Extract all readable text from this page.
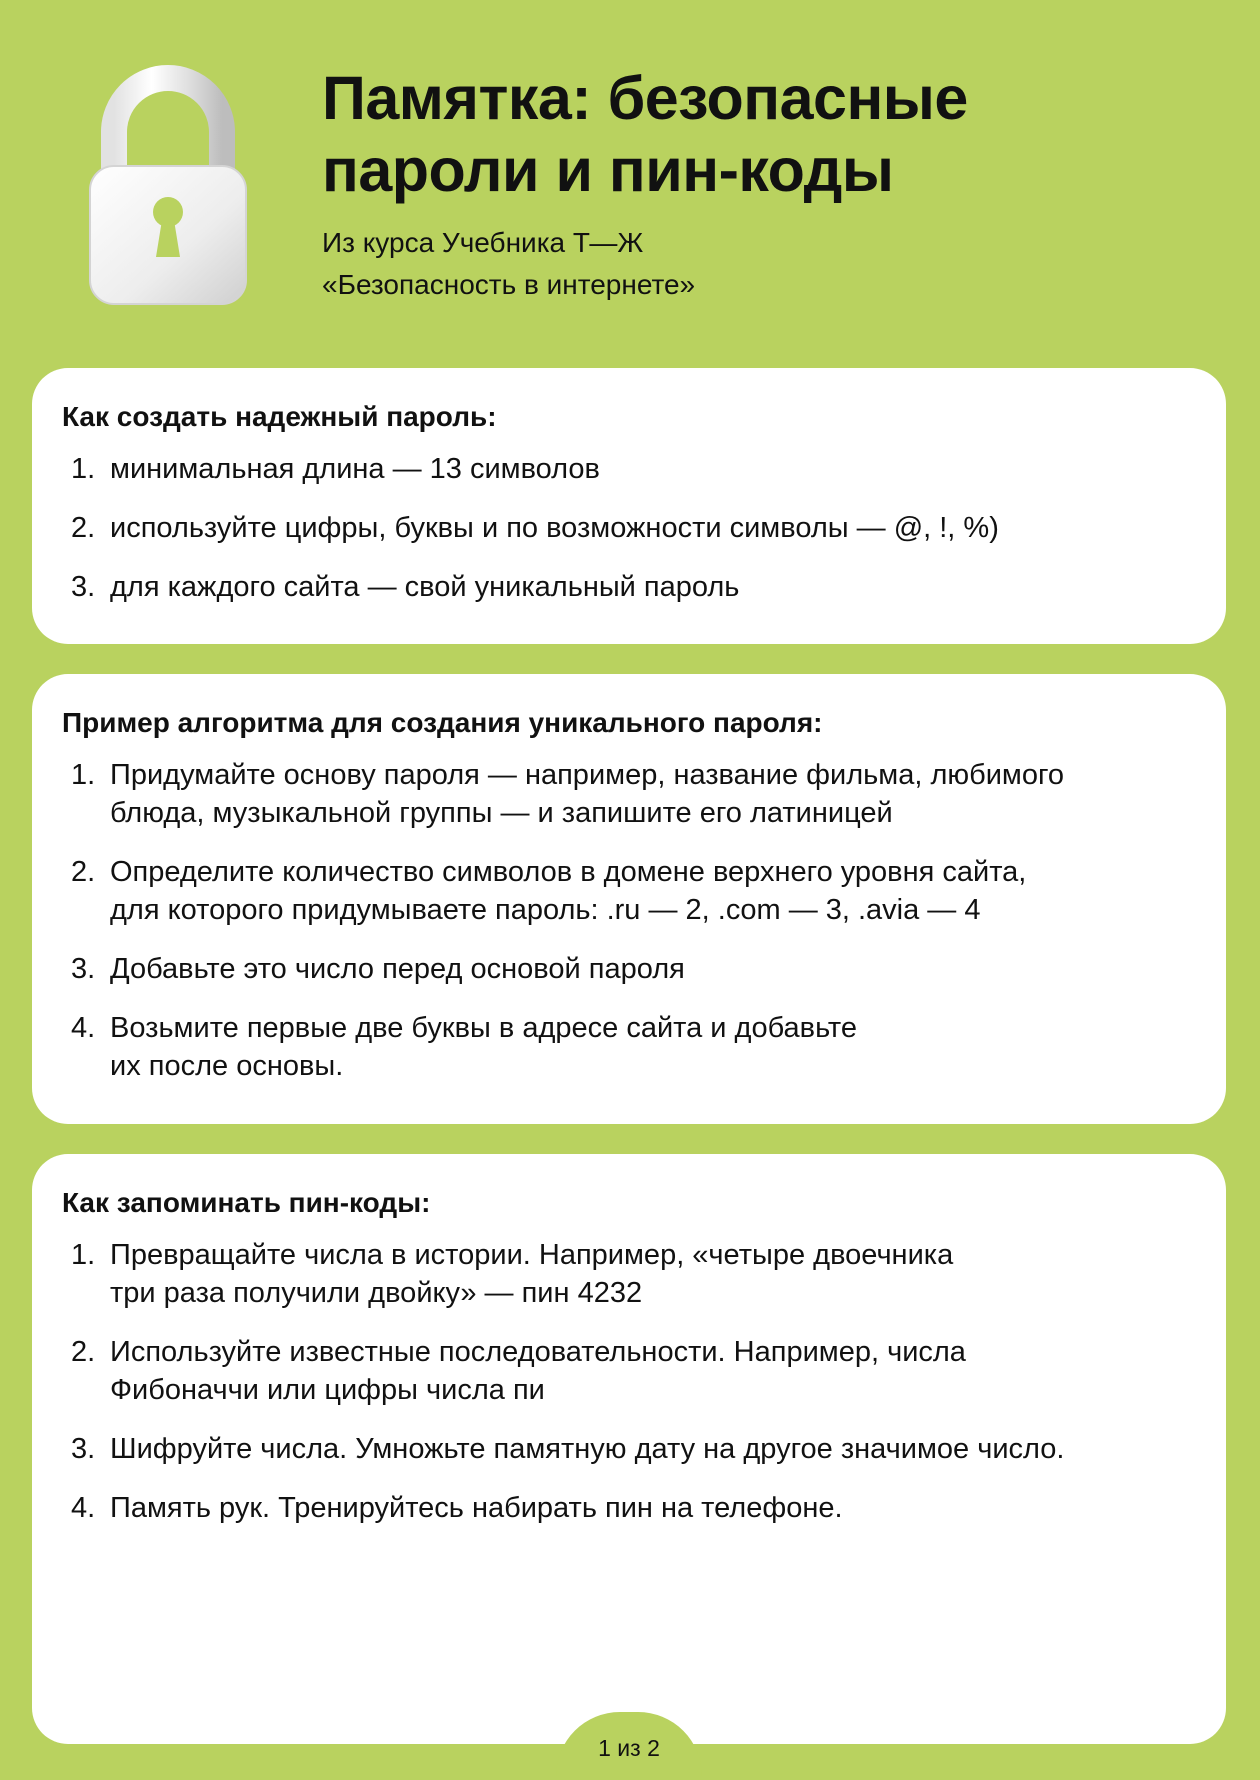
Памятка: безопасные
пароли и пин-коды
Из курса Учебника Т—Ж
«Безопасность в интернете»
Как создать надежный пароль:
1. минимальная длина — 13 символов
2. используйте цифры, буквы и по возможности символы — @, !, %)
3. для каждого сайта — свой уникальный пароль
Пример алгоритма для создания уникального пароля:
1. Придумайте основу пароля — например, название фильма, любимого
блюда, музыкальной группы — и запишите его латиницей
2. Определите количество символов в домене верхнего уровня сайта,
для которого придумываете пароль: .ru — 2, .com — 3, .avia — 4
3. Добавьте это число перед основой пароля
4. Возьмите первые две буквы в адресе сайта и добавьте
их после основы.
Как запоминать пин-коды:
1. Превращайте числа в истории. Например, «четыре двоечника
три раза получили двойку» — пин 4232
2. Используйте известные последовательности. Например, числа
Фибоначчи или цифры числа пи
3. Шифруйте числа. Умножьте памятную дату на другое значимое число.
4. Память рук. Тренируйтесь набирать пин на телефоне.
1 из 2
